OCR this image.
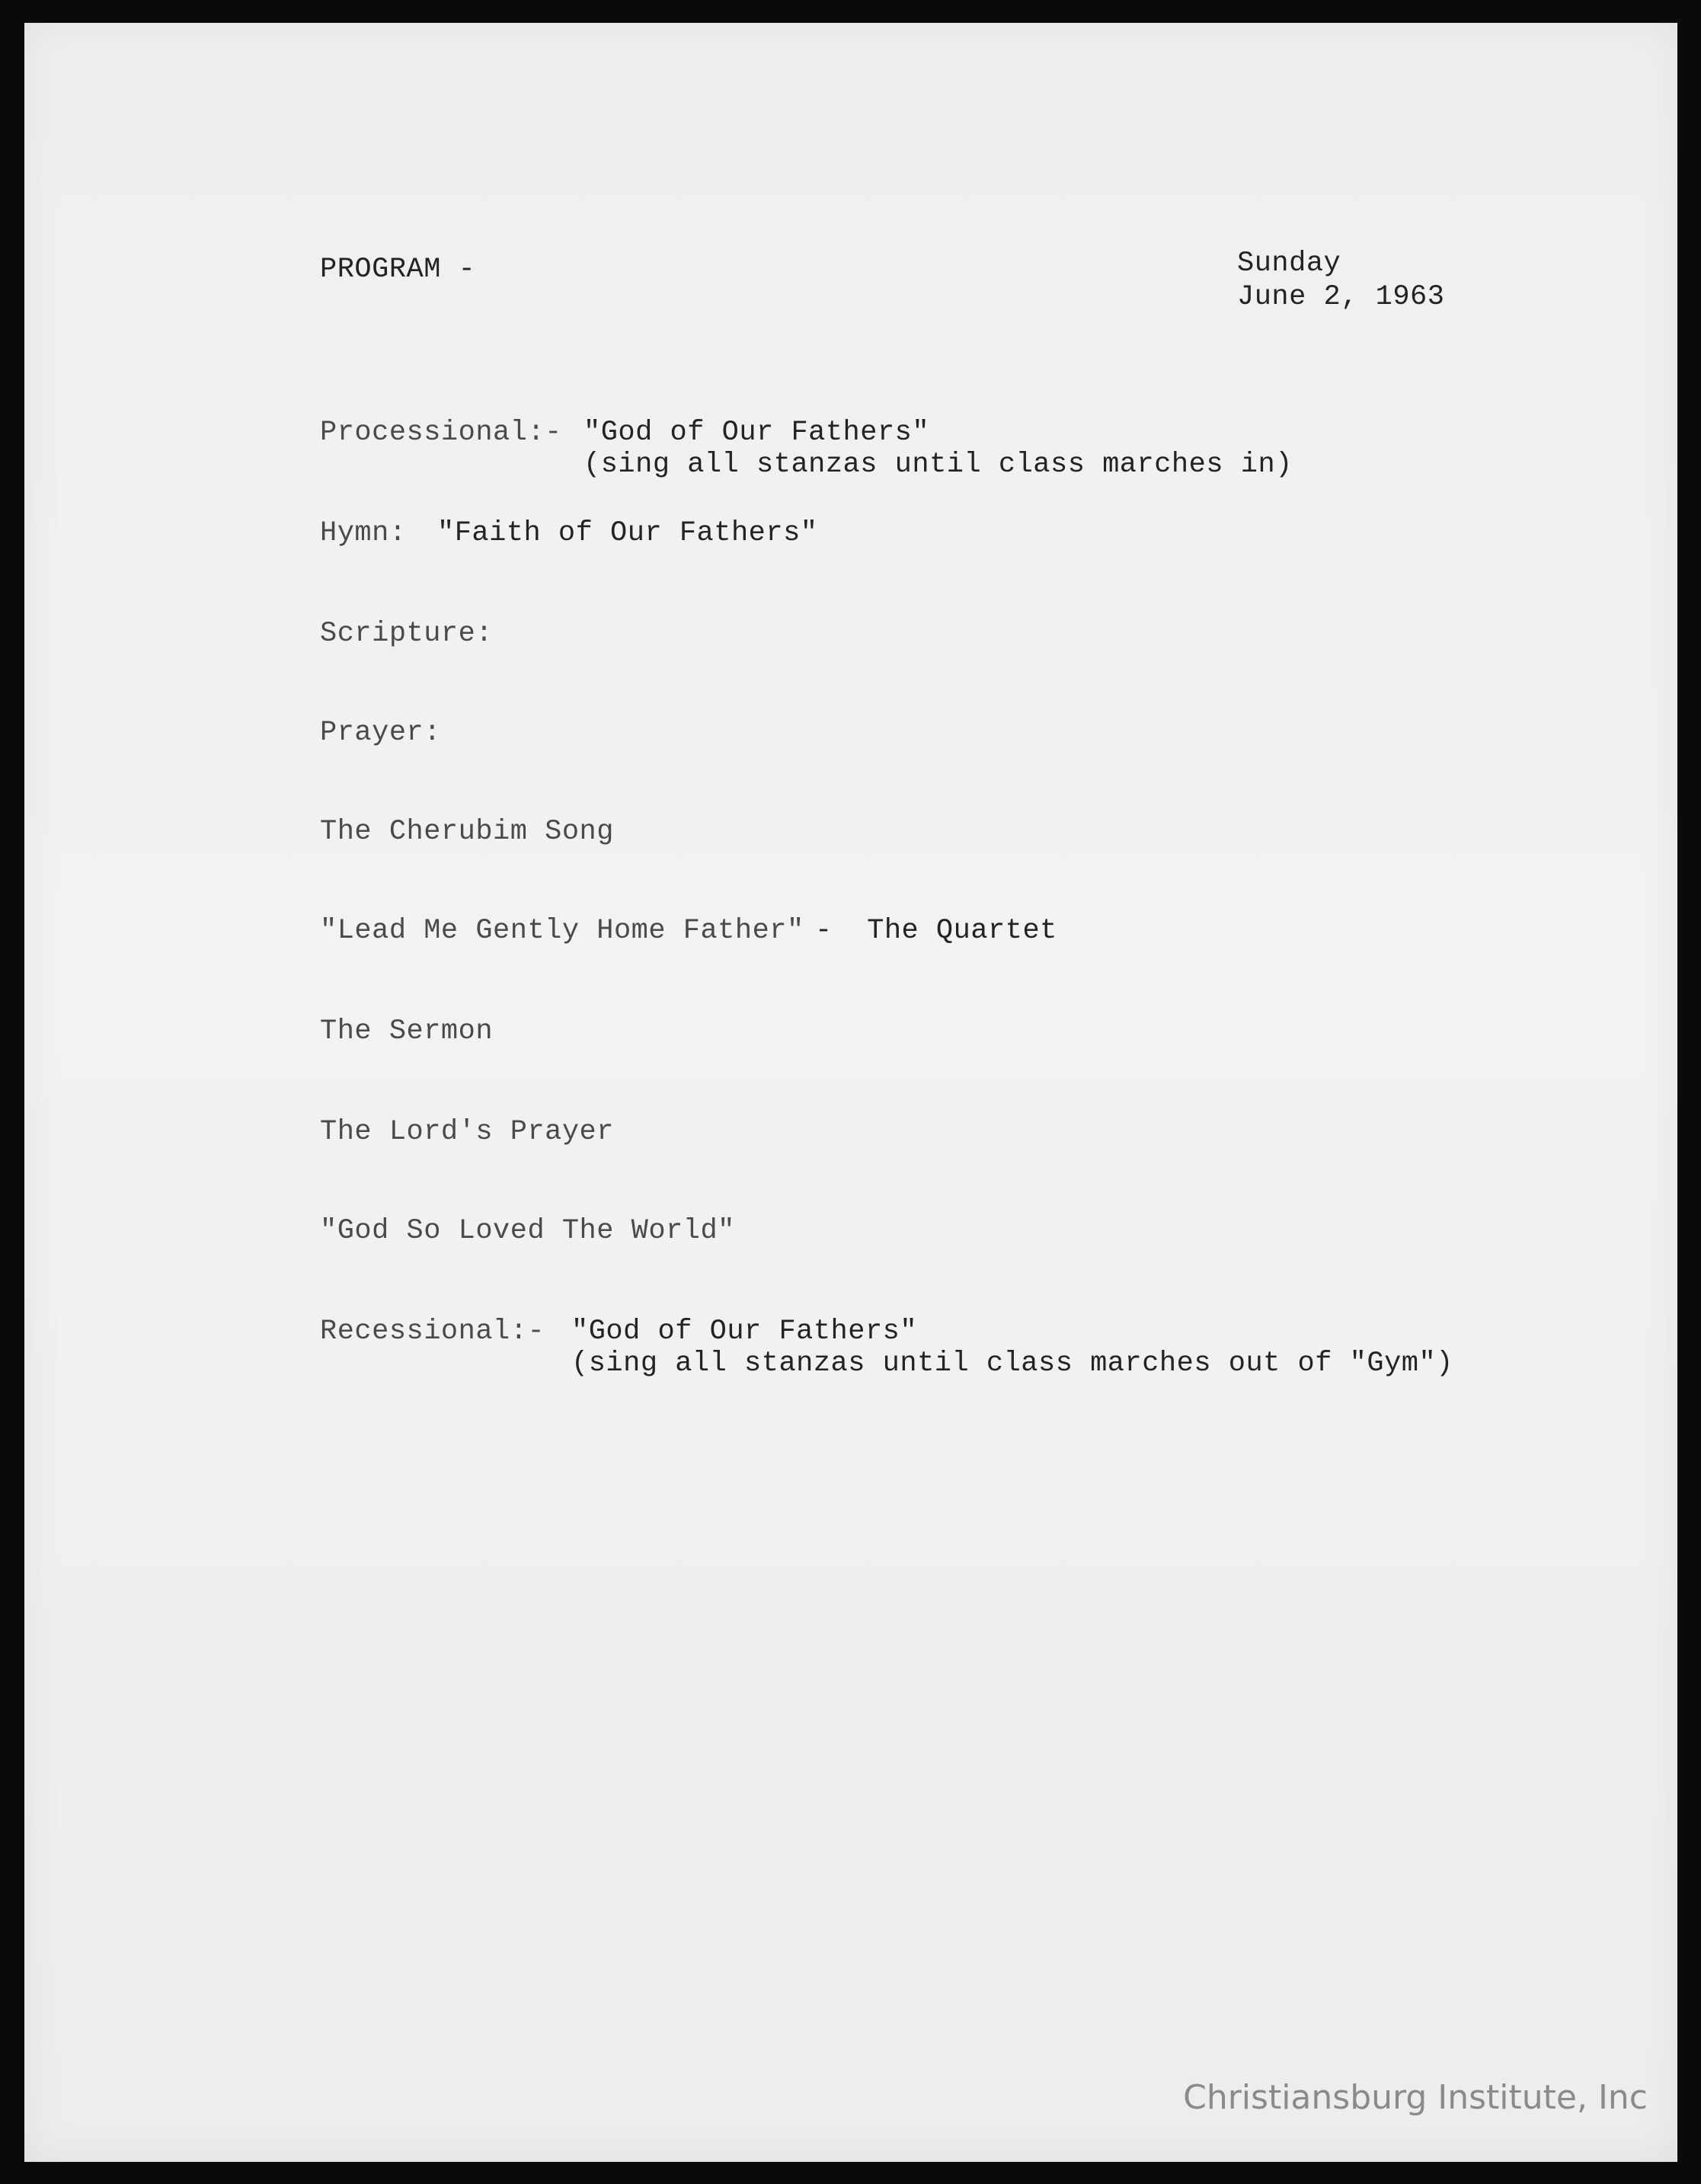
PROGRAM -	Sunday
June 2, 1963
Processional:- "God of Our Fathers"
(sing all stanzas until class marches in)
Hymn: "Faith of Our Fathers"
Scripture:
Prayer:
The Cherubim Song
"Lead Me Gently Home Father" -  The Quartet
The Sermon
The Lord's Prayer
"God So Loved The World"
Recessional:- "God of Our Fathers"
(sing all stanzas until class marches out of "Gym")
Christiansburg Institute, Inc
